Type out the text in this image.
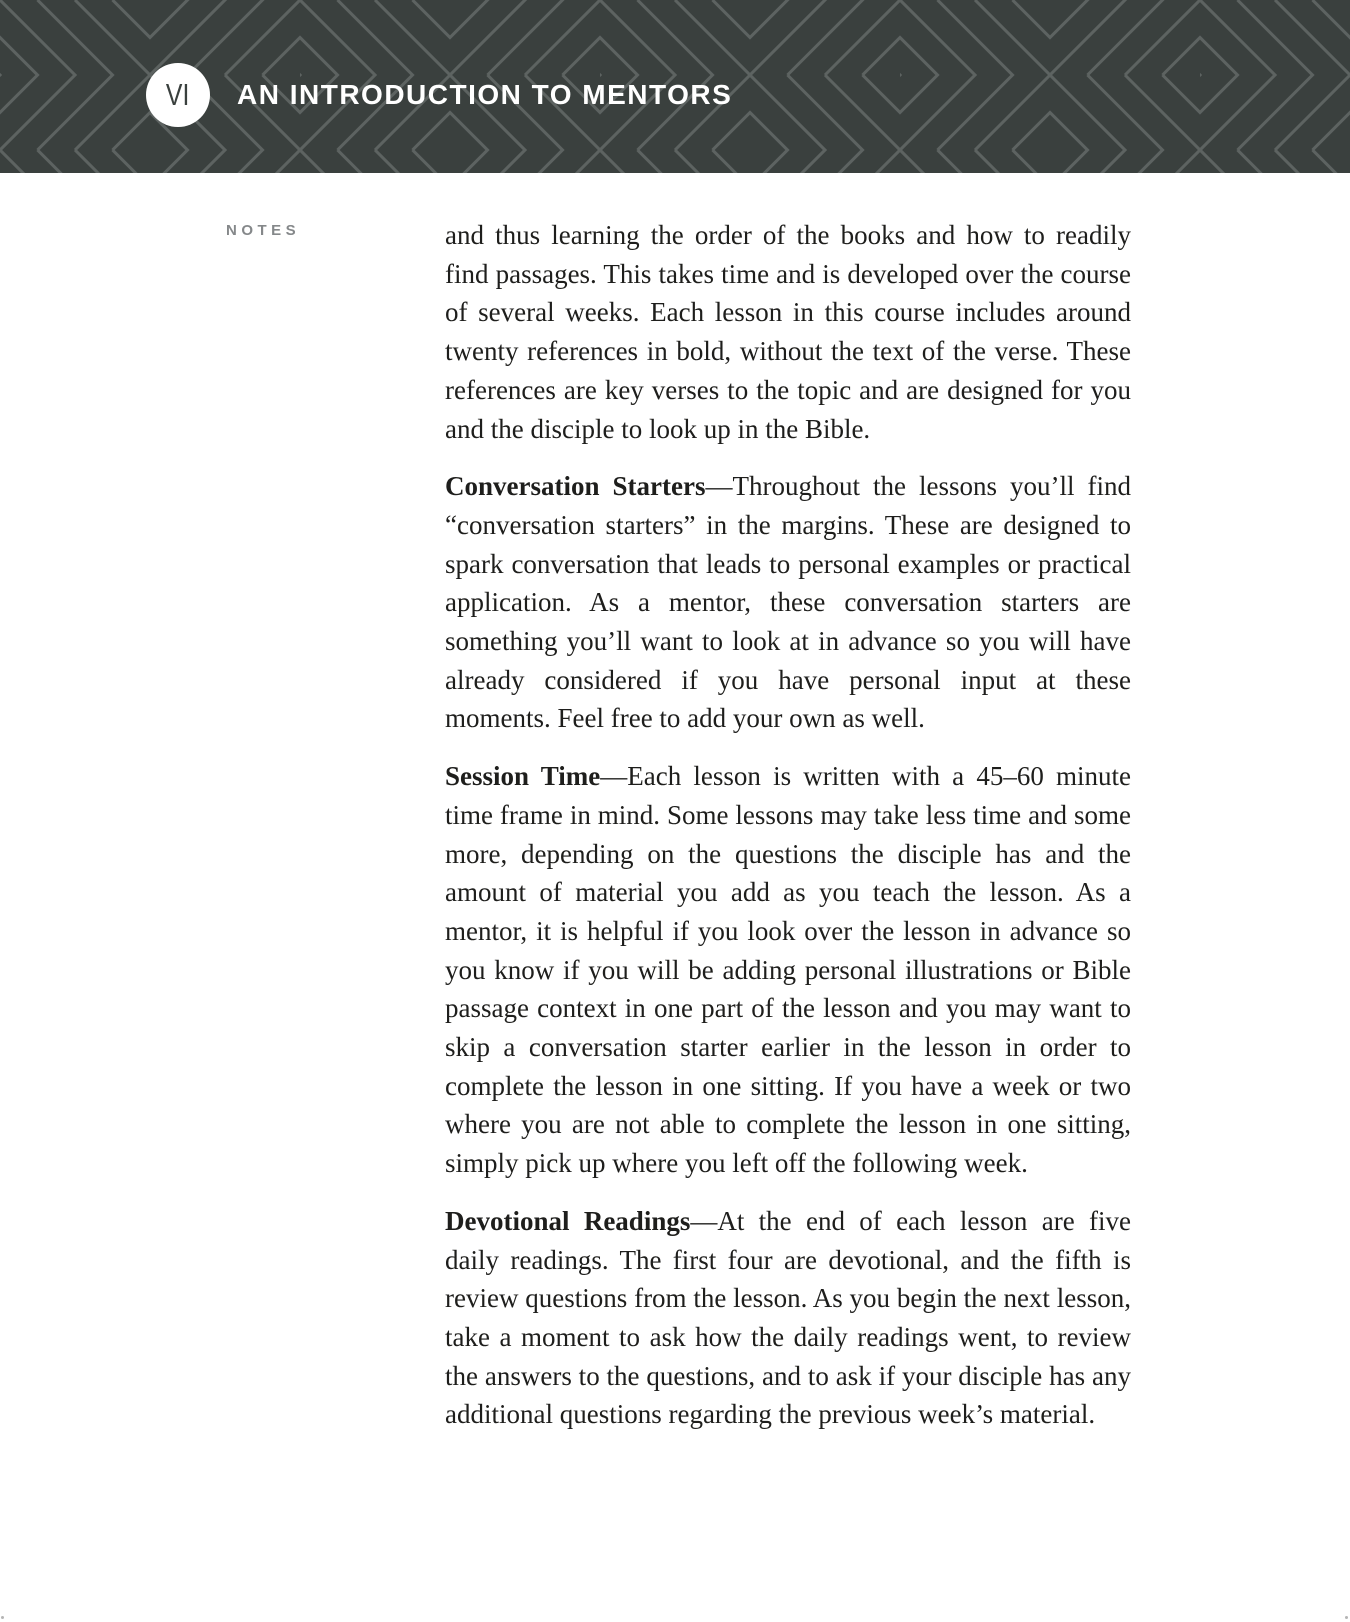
VI AN INTRODUCTION TO MENTORS
NOTES	and thus learning the order of the books and how to readily find passages. This takes time and is developed over the course of several weeks. Each lesson in this course includes around twenty references in bold, without the text of the verse. These references are key verses to the topic and are designed for you and the disciple to look up in the Bible.

Conversation Starters—Throughout the lessons you’ll find “conversation starters” in the margins. These are designed to spark conversation that leads to personal examples or practical application. As a mentor, these conversation starters are something you’ll want to look at in advance so you will have already considered if you have personal input at these moments. Feel free to add your own as well.

Session Time—Each lesson is written with a 45–60 minute time frame in mind. Some lessons may take less time and some more, depending on the questions the disciple has and the amount of material you add as you teach the lesson. As a mentor, it is helpful if you look over the lesson in advance so you know if you will be adding personal illustrations or Bible passage context in one part of the lesson and you may want to skip a conversation starter earlier in the lesson in order to complete the lesson in one sitting. If you have a week or two where you are not able to complete the lesson in one sitting, simply pick up where you left off the following week.

Devotional Readings—At the end of each lesson are five daily readings. The first four are devotional, and the fifth is review questions from the lesson. As you begin the next lesson, take a moment to ask how the daily readings went, to review the answers to the questions, and to ask if your disciple has any additional questions regarding the previous week’s material.
